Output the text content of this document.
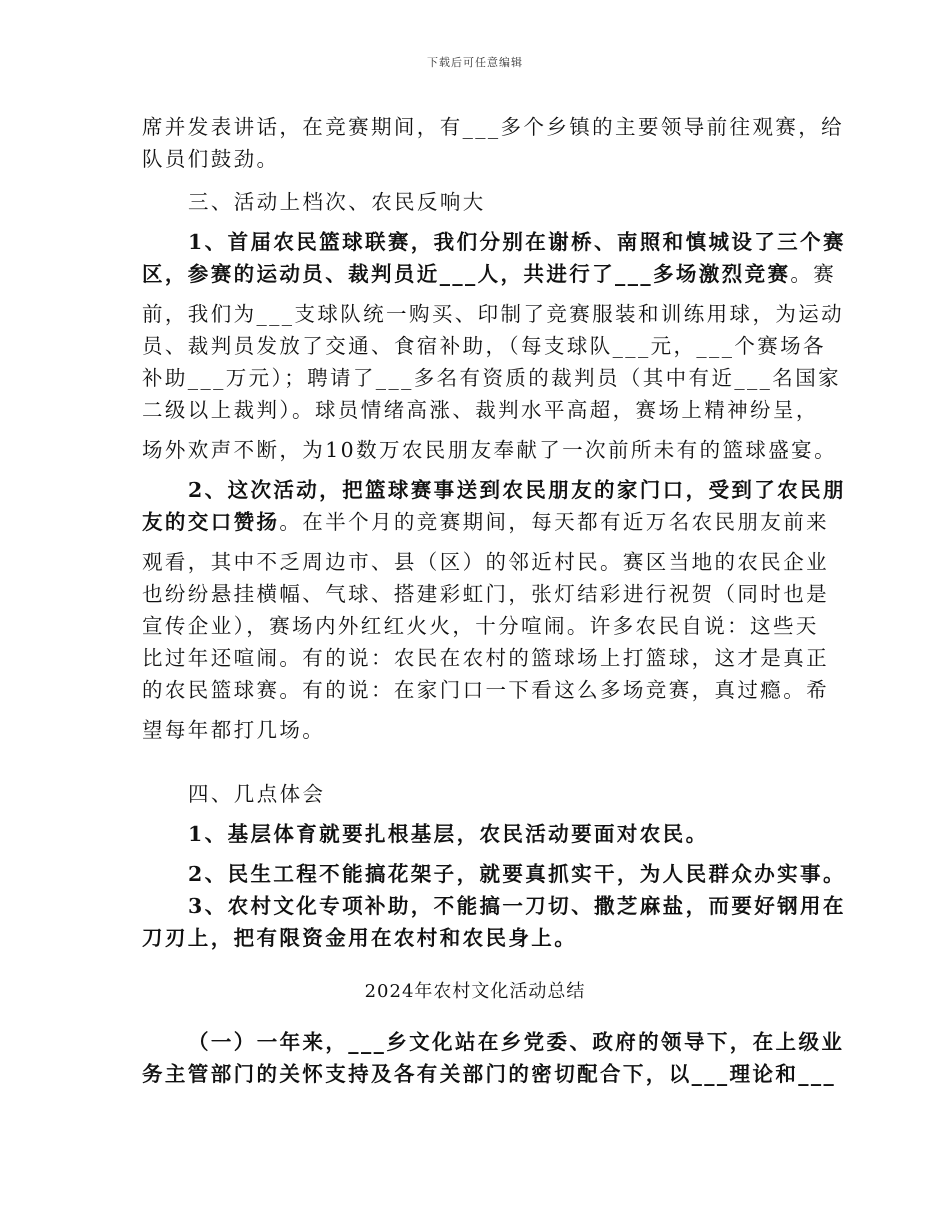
下载后可任意编辑
席并发表讲话，在竞赛期间，有___多个乡镇的主要领导前往观赛，给
队员们鼓劲。
三、活动上档次、农民反响大
1、首届农民篮球联赛，我们分别在谢桥、南照和慎城设了三个赛
区，参赛的运动员、裁判员近___人，共进行了___多场激烈竞赛。赛
前，我们为___支球队统一购买、印制了竞赛服装和训练用球，为运动
员、裁判员发放了交通、食宿补助，（每支球队___元，___个赛场各
补助___万元）；聘请了___多名有资质的裁判员（其中有近___名国家
二级以上裁判）。球员情绪高涨、裁判水平高超，赛场上精神纷呈，
场外欢声不断，为10数万农民朋友奉献了一次前所未有的篮球盛宴。
2、这次活动，把篮球赛事送到农民朋友的家门口，受到了农民朋
友的交口赞扬。在半个月的竞赛期间，每天都有近万名农民朋友前来
观看，其中不乏周边市、县（区）的邻近村民。赛区当地的农民企业
也纷纷悬挂横幅、气球、搭建彩虹门，张灯结彩进行祝贺（同时也是
宣传企业），赛场内外红红火火，十分喧闹。许多农民自说：这些天
比过年还喧闹。有的说：农民在农村的篮球场上打篮球，这才是真正
的农民篮球赛。有的说：在家门口一下看这么多场竞赛，真过瘾。希
望每年都打几场。
四、几点体会
1、基层体育就要扎根基层，农民活动要面对农民。
2、民生工程不能搞花架子，就要真抓实干，为人民群众办实事。
3、农村文化专项补助，不能搞一刀切、撒芝麻盐，而要好钢用在
刀刃上，把有限资金用在农村和农民身上。
（一）一年来，___乡文化站在乡党委、政府的领导下，在上级业
务主管部门的关怀支持及各有关部门的密切配合下，以___理论和___
2024年农村文化活动总结
